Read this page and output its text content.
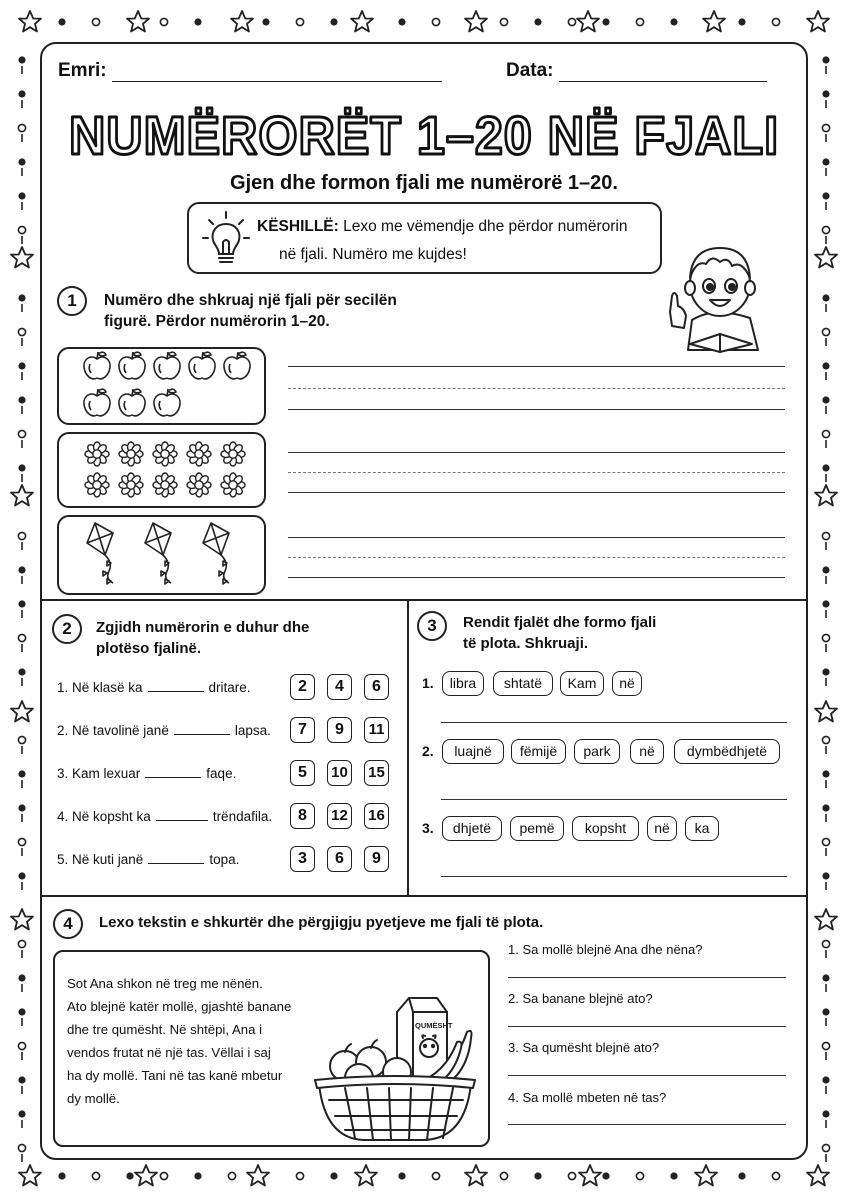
Emri:	Data:
NUMËRORËT 1–20 NË FJALI
Gjen dhe formon fjali me numërorë 1–20.
KËSHILLË: Lexo me vëmendje dhe përdor numërorin
në fjali. Numëro me kujdes!
1	Numëro dhe shkruaj një fjali për secilën
figurë. Përdor numërorin 1–20.
2	Zgjidh numërorin e duhur dhe
plotëso fjalinë.
1. Në klasë ka	dritare.	2	4	6
2. Në tavolinë janë	lapsa.	7	9	11
3. Kam lexuar	faqe.	5	10 15
4. Në kopsht ka	trëndafila.	8	12 16
5. Në kuti janë	topa.	3	6	9
3	Rendit fjalët dhe formo fjali
të plota. Shkruaji.
1.	libra	shtatë	Kam	në
2.	luajnë	fëmijë	park	në	dymbëdhjetë
3.	dhjetë	pemë	kopsht	në	ka
4	Lexo tekstin e shkurtër dhe përgjigju pyetjeve me fjali të plota.
Sot Ana shkon në treg me nënën.
Ato blejnë katër mollë, gjashtë banane
dhe tre qumësht. Në shtëpi, Ana i
vendos frutat në një tas. Vëllai i saj
ha dy mollë. Tani në tas kanë mbetur
dy mollë.
QUMËSHT
1. Sa mollë blejnë Ana dhe nëna?
2. Sa banane blejnë ato?
3. Sa qumësht blejnë ato?
4. Sa mollë mbeten në tas?
